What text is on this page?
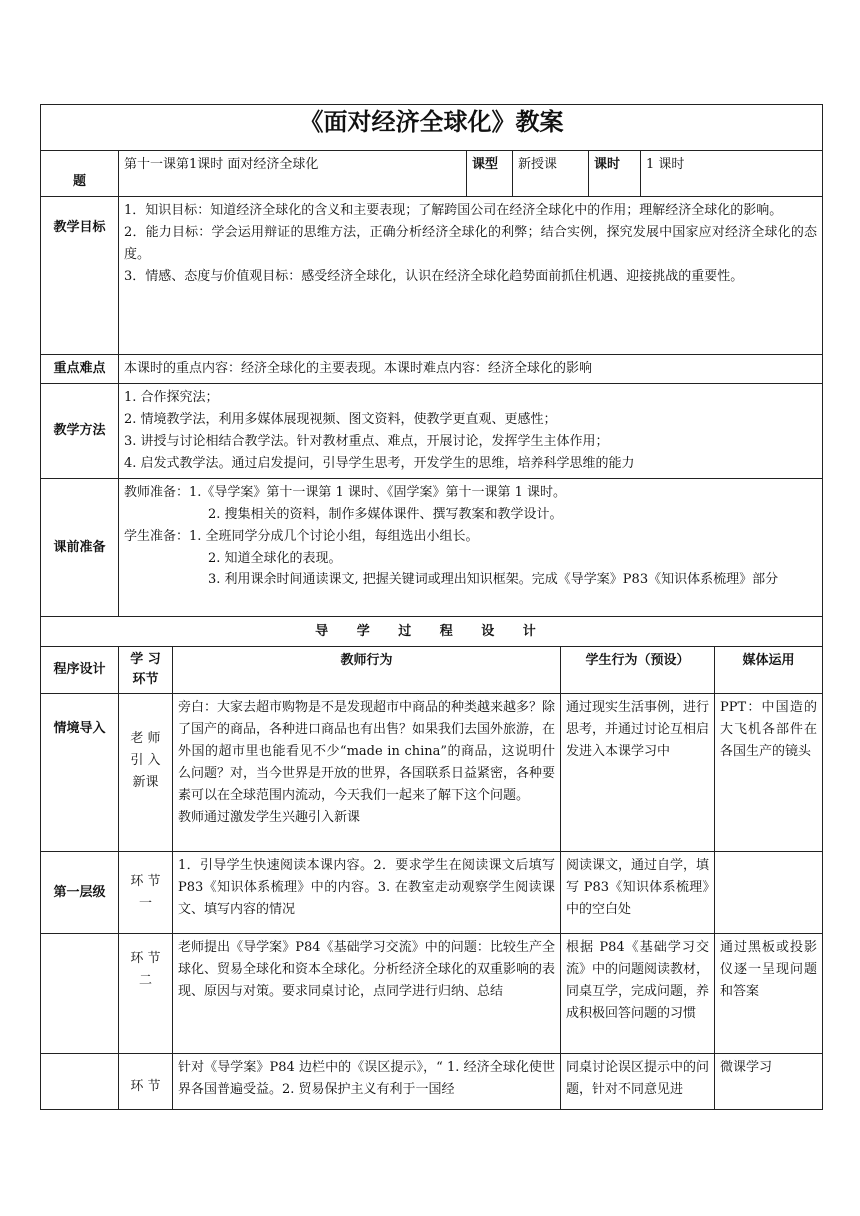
《面对经济全球化》教案								
题	第十一课第1课时 面对经济全球化		课型	新授课		课时	1 课时	
教学目标	1．知识目标：知道经济全球化的含义和主要表现；了解跨国公司在经济全球化中的作用；理解经济全球化的影响。
2．能力目标：学会运用辩证的思维方法，正确分析经济全球化的利弊；结合实例，探究发展中国家应对经济全球化的态度。
3．情感、态度与价值观目标：感受经济全球化，认识在经济全球化趋势面前抓住机遇、迎接挑战的重要性。							

重点难点	本课时的重点内容：经济全球化的主要表现。本课时难点内容：经济全球化的影响							
教学方法	1. 合作探究法；
2. 情境教学法，利用多媒体展现视频、图文资料，使教学更直观、更感性；
3. 讲授与讨论相结合教学法。针对教材重点、难点，开展讨论，发挥学生主体作用；
4. 启发式教学法。通过启发提问，引导学生思考，开发学生的思维，培养科学思维的能力							

课前准备	教师准备：1.《导学案》第十一课第 1 课时、《固学案》第十一课第 1 课时。
2. 搜集相关的资料，制作多媒体课件、撰写教案和教学设计。
学生准备：1. 全班同学分成几个讨论小组，每组选出小组长。
2. 知道全球化的表现。
3. 利用课余时间通读课文, 把握关键词或理出知识框架。完成《导学案》P83《知识体系梳理》部分							

导 学 过 程 设 计								
程序设计	学 习 环节	教师行为			学生行为（预设）			媒体运用
情境导入	老 师 引 入 新课	旁白：大家去超市购物是不是发现超市中商品的种类越来越多？除了国产的商品，各种进口商品也有出售？如果我们去国外旅游，在外国的超市里也能看见不少“made in china”的商品，这说明什么问题？对，当今世界是开放的世界，各国联系日益紧密，各种要素可以在全球范围内流动，今天我们一起来了解下这个问题。
教师通过激发学生兴趣引入新课			通过现实生活事例，进行思考，并通过讨论互相启发进入本课学习中			PPT：中国造的大飞机各部件在各国生产的镜头
第一层级	环 节 一	1．引导学生快速阅读本课内容。2．要求学生在阅读课文后填写 P83《知识体系梳理》中的内容。3. 在教室走动观察学生阅读课文、填写内容的情况			阅读课文，通过自学，填写 P83《知识体系梳理》中的空白处			
	环 节 二	老师提出《导学案》P84《基础学习交流》中的问题：比较生产全球化、贸易全球化和资本全球化。分析经济全球化的双重影响的表现、原因与对策。要求同桌讨论，点同学进行归纳、总结			根据 P84《基础学习交流》中的问题阅读教材，同桌互学，完成问题，养成积极回答问题的习惯			通过黑板或投影仪逐一呈现问题和答案
	环 节	针对《导学案》P84 边栏中的《误区提示》，“ 1. 经济全球化使世界各国普遍受益。2. 贸易保护主义有利于一国经			同桌讨论误区提示中的问题，针对不同意见进			微课学习
